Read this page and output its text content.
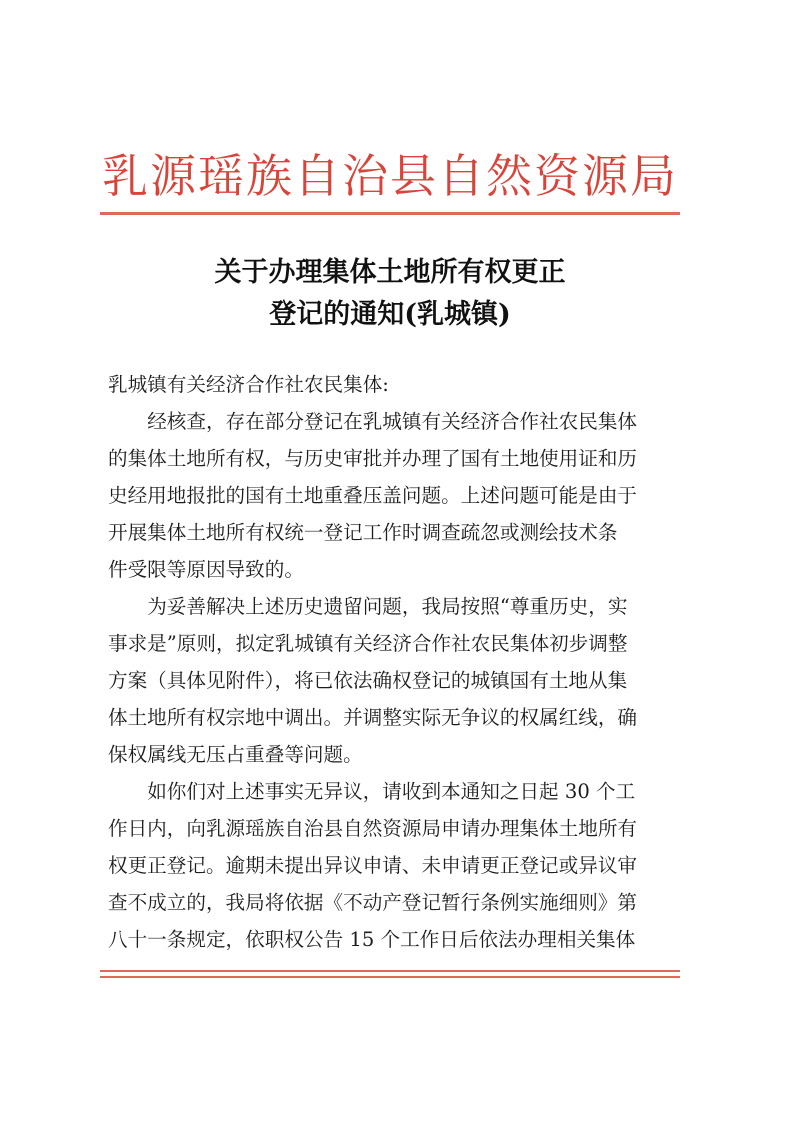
乳源瑶族自治县自然资源局
关于办理集体土地所有权更正
登记的通知(乳城镇)

乳城镇有关经济合作社农民集体:

经核查，存在部分登记在乳城镇有关经济合作社农民集体
的集体土地所有权，与历史审批并办理了国有土地使用证和历
史经用地报批的国有土地重叠压盖问题。上述问题可能是由于
开展集体土地所有权统一登记工作时调查疏忽或测绘技术条
件受限等原因导致的。

为妥善解决上述历史遗留问题，我局按照“尊重历史，实
事求是”原则，拟定乳城镇有关经济合作社农民集体初步调整
方案（具体见附件），将已依法确权登记的城镇国有土地从集
体土地所有权宗地中调出。并调整实际无争议的权属红线，确
保权属线无压占重叠等问题。

如你们对上述事实无异议，请收到本通知之日起 30 个工
作日内，向乳源瑶族自治县自然资源局申请办理集体土地所有
权更正登记。逾期未提出异议申请、未申请更正登记或异议审
查不成立的，我局将依据《不动产登记暂行条例实施细则》第
八十一条规定，依职权公告 15 个工作日后依法办理相关集体
